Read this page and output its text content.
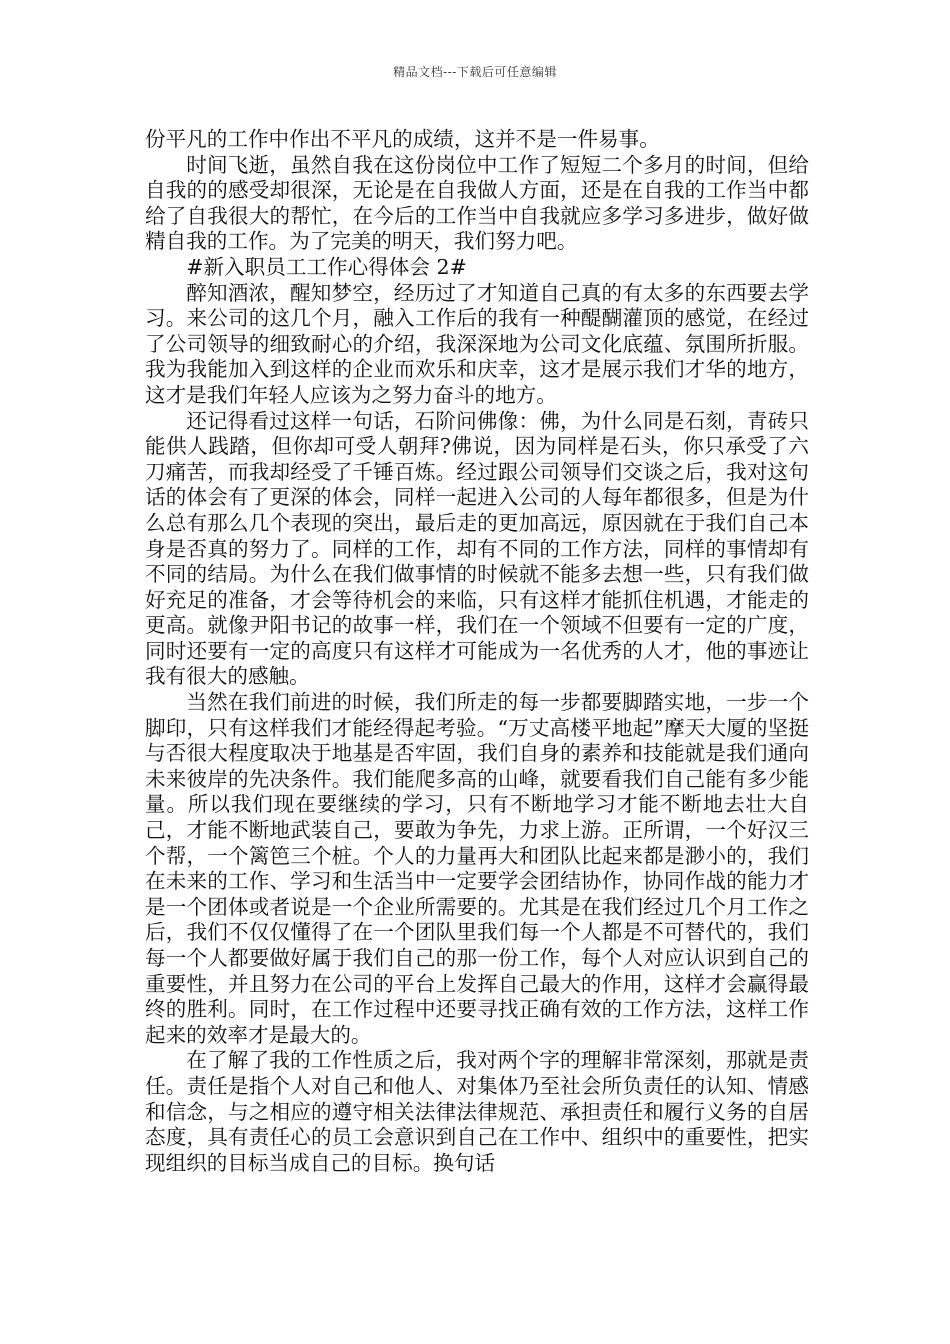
精品文档---下载后可任意编辑

份平凡的工作中作出不平凡的成绩，这并不是一件易事。

时间飞逝，虽然自我在这份岗位中工作了短短二个多月的时间，但给自我的的感受却很深，无论是在自我做人方面，还是在自我的工作当中都给了自我很大的帮忙，在今后的工作当中自我就应多学习多进步，做好做精自我的工作。为了完美的明天，我们努力吧。

#新入职员工工作心得体会 2#

醉知酒浓，醒知梦空，经历过了才知道自己真的有太多的东西要去学习。来公司的这几个月，融入工作后的我有一种醍醐灌顶的感觉，在经过了公司领导的细致耐心的介绍，我深深地为公司文化底蕴、氛围所折服。我为我能加入到这样的企业而欢乐和庆幸，这才是展示我们才华的地方，这才是我们年轻人应该为之努力奋斗的地方。

还记得看过这样一句话，石阶问佛像：佛，为什么同是石刻，青砖只能供人践踏，但你却可受人朝拜?佛说，因为同样是石头，你只承受了六刀痛苦，而我却经受了千锤百炼。经过跟公司领导们交谈之后，我对这句话的体会有了更深的体会，同样一起进入公司的人每年都很多，但是为什么总有那么几个表现的突出，最后走的更加高远，原因就在于我们自己本身是否真的努力了。同样的工作，却有不同的工作方法，同样的事情却有不同的结局。为什么在我们做事情的时候就不能多去想一些，只有我们做好充足的准备，才会等待机会的来临，只有这样才能抓住机遇，才能走的更高。就像尹阳书记的故事一样，我们在一个领域不但要有一定的广度，同时还要有一定的高度只有这样才可能成为一名优秀的人才，他的事迹让我有很大的感触。

当然在我们前进的时候，我们所走的每一步都要脚踏实地，一步一个脚印，只有这样我们才能经得起考验。“万丈高楼平地起”摩天大厦的坚挺与否很大程度取决于地基是否牢固，我们自身的素养和技能就是我们通向未来彼岸的先决条件。我们能爬多高的山峰，就要看我们自己能有多少能量。所以我们现在要继续的学习，只有不断地学习才能不断地去壮大自己，才能不断地武装自己，要敢为争先，力求上游。正所谓，一个好汉三个帮，一个篱笆三个桩。个人的力量再大和团队比起来都是渺小的，我们在未来的工作、学习和生活当中一定要学会团结协作，协同作战的能力才是一个团体或者说是一个企业所需要的。尤其是在我们经过几个月工作之后，我们不仅仅懂得了在一个团队里我们每一个人都是不可替代的，我们每一个人都要做好属于我们自己的那一份工作，每个人对应认识到自己的重要性，并且努力在公司的平台上发挥自己最大的作用，这样才会赢得最终的胜利。同时，在工作过程中还要寻找正确有效的工作方法，这样工作起来的效率才是最大的。

在了解了我的工作性质之后，我对两个字的理解非常深刻，那就是责任。责任是指个人对自己和他人、对集体乃至社会所负责任的认知、情感和信念，与之相应的遵守相关法律法律规范、承担责任和履行义务的自居态度，具有责任心的员工会意识到自己在工作中、组织中的重要性，把实现组织的目标当成自己的目标。换句话
